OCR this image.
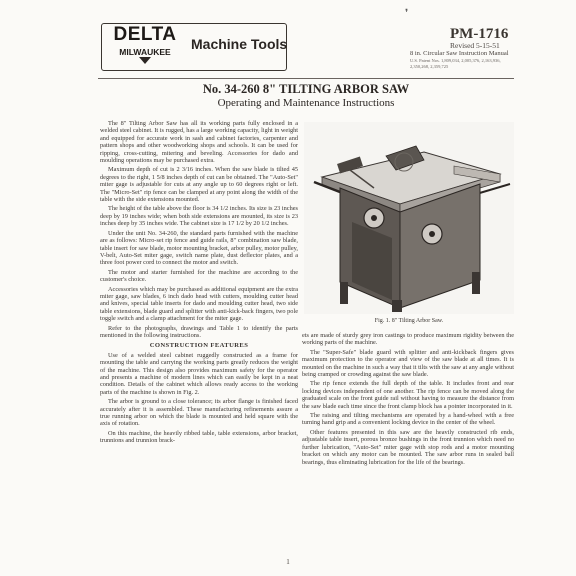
❜
DELTA
MILWAUKEE	Machine Tools
PM-1716
Revised 5-15-51
8 in. Circular Saw Instruction Manual
U.S. Patent Nos. 1,809,034, 2,005,376, 2,163,936, 2,350,268, 2,359,725
No. 34-260 8" TILTING ARBOR SAW
Operating and Maintenance Instructions

The 8" Tilting Arbor Saw has all its working parts fully enclosed in a welded steel cabinet. It is rugged, has a large working capacity, light in weight and equipped for accurate work in sash and cabinet factories, carpenter and pattern shops and other woodworking shops and schools. It can be used for ripping, cross-cutting, mitering and beveling. Accessories for dado and moulding operations may be purchased extra.

Maximum depth of cut is 2 3/16 inches. When the saw blade is tilted 45 degrees to the right, 1 5/8 inches depth of cut can be obtained. The "Auto-Set" miter gage is adjustable for cuts at any angle up to 60 degrees right or left. The "Micro-Set" rip fence can be clamped at any point along the width of the table with the side extensions mounted.

The height of the table above the floor is 34 1/2 inches. Its size is 23 inches deep by 19 inches wide; when both side extensions are mounted, its size is 23 inches deep by 35 inches wide. The cabinet size is 17 1/2 by 20 1/2 inches.

Under the unit No. 34-260, the standard parts furnished with the machine are as follows: Micro-set rip fence and guide rails, 8" combination saw blade, table insert for saw blade, motor mounting bracket, arbor pulley, motor pulley, V-belt, Auto-Set miter gage, switch name plate, dust deflector plates, and a three foot power cord to connect the motor and switch.

The motor and starter furnished for the machine are according to the customer's choice.

Accessories which may be purchased as additional equipment are the extra miter gage, saw blades, 6 inch dado head with cutters, moulding cutter head and knives, special table inserts for dado and moulding cutter head, two side table extensions, blade guard and splitter with anti-kick-back fingers, two pole toggle switch and a clamp attachment for the miter gage.

Refer to the photographs, drawings and Table 1 to identify the parts mentioned in the following instructions.

CONSTRUCTION FEATURES

Use of a welded steel cabinet ruggedly constructed as a frame for mounting the table and carrying the working parts greatly reduces the weight of the machine. This design also provides maximum safety for the operator and presents a machine of modern lines which can easily be kept in a neat condition. Details of the cabinet which allows ready access to the working parts of the machine is shown in Fig. 2.

The arbor is ground to a close tolerance; its arbor flange is finished faced accurately after it is assembled. These manufacturing refinements assure a true running arbor on which the blade is mounted and held square with the axis of rotation.

On this machine, the heavily ribbed table, table extensions, arbor bracket, trunnions and trunnion brack-

Fig. 1. 8" Tilting Arbor Saw.

ets are made of sturdy grey iron castings to produce maximum rigidity between the working parts of the machine.

The "Super-Safe" blade guard with splitter and anti-kickback fingers gives maximum protection to the operator and view of the saw blade at all times. It is mounted on the machine in such a way that it tilts with the saw at any angle without being cramped or crowding against the saw blade.

The rip fence extends the full depth of the table. It includes front and rear locking devices independent of one another. The rip fence can be moved along the graduated scale on the front guide rail without having to measure the distance from the saw blade each time since the front clamp block has a pointer incorporated in it.

The raising and tilting mechanisms are operated by a hand-wheel with a free turning hand grip and a convenient locking device in the center of the wheel.

Other features presented in this saw are the heavily constructed rib ends, adjustable table insert, porous bronze bushings in the front trunnion which need no further lubrication, "Auto-Set" miter gage with stop rods and a motor mounting bracket on which any motor can be mounted. The saw arbor runs in sealed ball bearings, thus eliminating lubrication for the life of the bearings.

1
